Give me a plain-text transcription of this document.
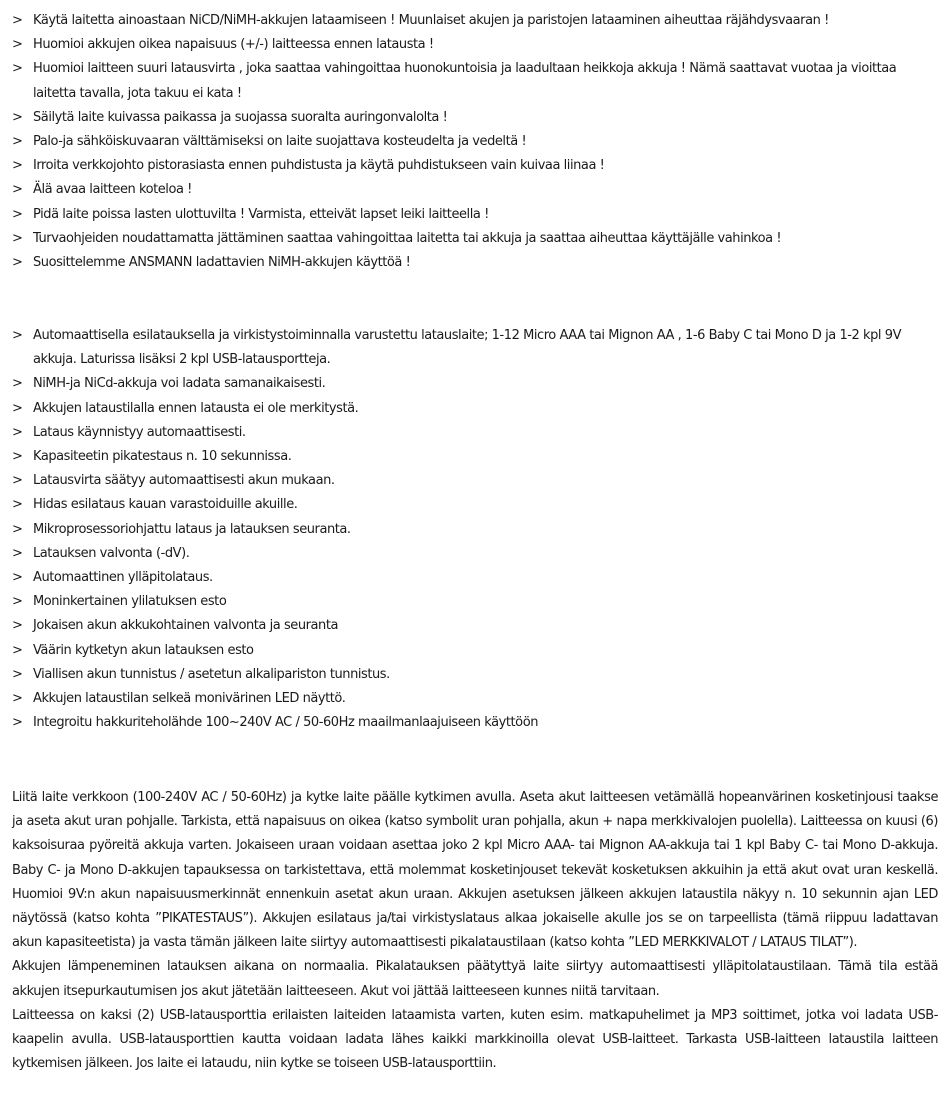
> Käytä laitetta ainoastaan NiCD/NiMH-akkujen lataamiseen ! Muunlaiset akujen ja paristojen lataaminen aiheuttaa räjähdysvaaran !
> Huomioi akkujen oikea napaisuus (+/-) laitteessa ennen latausta !
> Huomioi laitteen suuri latausvirta , joka saattaa vahingoittaa huonokuntoisia ja laadultaan heikkoja akkuja ! Nämä saattavat vuotaa ja vioittaa laitetta tavalla, jota takuu ei kata !
> Säilytä laite kuivassa paikassa ja suojassa suoralta auringonvalolta !
> Palo-ja sähköiskuvaaran välttämiseksi on laite suojattava kosteudelta ja vedeltä !
> Irroita verkkojohto pistorasiasta ennen puhdistusta ja käytä puhdistukseen vain kuivaa liinaa !
> Älä avaa laitteen koteloa !
> Pidä laite poissa lasten ulottuvilta ! Varmista, etteivät lapset leiki laitteella !
> Turvaohjeiden noudattamatta jättäminen saattaa vahingoittaa laitetta tai akkuja ja saattaa aiheuttaa käyttäjälle vahinkoa !
> Suosittelemme ANSMANN ladattavien NiMH-akkujen käyttöä !
> Automaattisella esilatauksella ja virkistystoiminnalla varustettu latauslaite; 1-12 Micro AAA tai Mignon AA , 1-6 Baby C tai Mono D ja 1-2 kpl 9V akkuja. Laturissa lisäksi 2 kpl USB-latausportteja.
> NiMH-ja NiCd-akkuja voi ladata samanaikaisesti.
> Akkujen lataustilalla ennen latausta ei ole merkitystä.
> Lataus käynnistyy automaattisesti.
> Kapasiteetin pikatestaus n. 10 sekunnissa.
> Latausvirta säätyy automaattisesti akun mukaan.
> Hidas esilataus kauan varastoiduille akuille.
> Mikroprosessoriohjattu lataus ja latauksen seuranta.
> Latauksen valvonta (-dV).
> Automaattinen ylläpitolataus.
> Moninkertainen ylilatuksen esto
> Jokaisen akun akkukohtainen valvonta ja seuranta
> Väärin kytketyn akun latauksen esto
> Viallisen akun tunnistus / asetetun alkalipariston tunnistus.
> Akkujen lataustilan selkeä monivärinen LED näyttö.
> Integroitu hakkuriteholähde 100~240V AC / 50-60Hz maailmanlaajuiseen käyttöön

Liitä laite verkkoon (100-240V AC / 50-60Hz) ja kytke laite päälle kytkimen avulla. Aseta akut laitteesen vetämällä hopeanvärinen kosketinjousi taakse ja aseta akut uran pohjalle. Tarkista, että napaisuus on oikea (katso symbolit uran pohjalla, akun + napa merkkivalojen puolella). Laitteessa on kuusi (6) kaksoisuraa pyöreitä akkuja varten. Jokaiseen uraan voidaan asettaa joko 2 kpl Micro AAA- tai Mignon AA-akkuja tai 1 kpl Baby C- tai Mono D-akkuja. Baby C- ja Mono D-akkujen tapauksessa on tarkistettava, että molemmat kosketinjouset tekevät kosketuksen akkuihin ja että akut ovat uran keskellä. Huomioi 9V:n akun napaisuusmerkinnät ennenkuin asetat akun uraan. Akkujen asetuksen jälkeen akkujen lataustila näkyy n. 10 sekunnin ajan LED näytössä (katso kohta ”PIKATESTAUS”). Akkujen esilataus ja/tai virkistyslataus alkaa jokaiselle akulle jos se on tarpeellista (tämä riippuu ladattavan akun kapasiteetista) ja vasta tämän jälkeen laite siirtyy automaattisesti pikalataustilaan (katso kohta ”LED MERKKIVALOT / LATAUS TILAT”).

Akkujen lämpeneminen latauksen aikana on normaalia. Pikalatauksen päätyttyä laite siirtyy automaattisesti ylläpitolataustilaan. Tämä tila estää akkujen itsepurkautumisen jos akut jätetään laitteeseen. Akut voi jättää laitteeseen kunnes niitä tarvitaan.

Laitteessa on kaksi (2) USB-latausporttia erilaisten laiteiden lataamista varten, kuten esim. matkapuhelimet ja MP3 soittimet, jotka voi ladata USB-kaapelin avulla. USB-latausporttien kautta voidaan ladata lähes kaikki markkinoilla olevat USB-laitteet. Tarkasta USB-laitteen lataustila laitteen kytkemisen jälkeen. Jos laite ei lataudu, niin kytke se toiseen USB-latausporttiin.
